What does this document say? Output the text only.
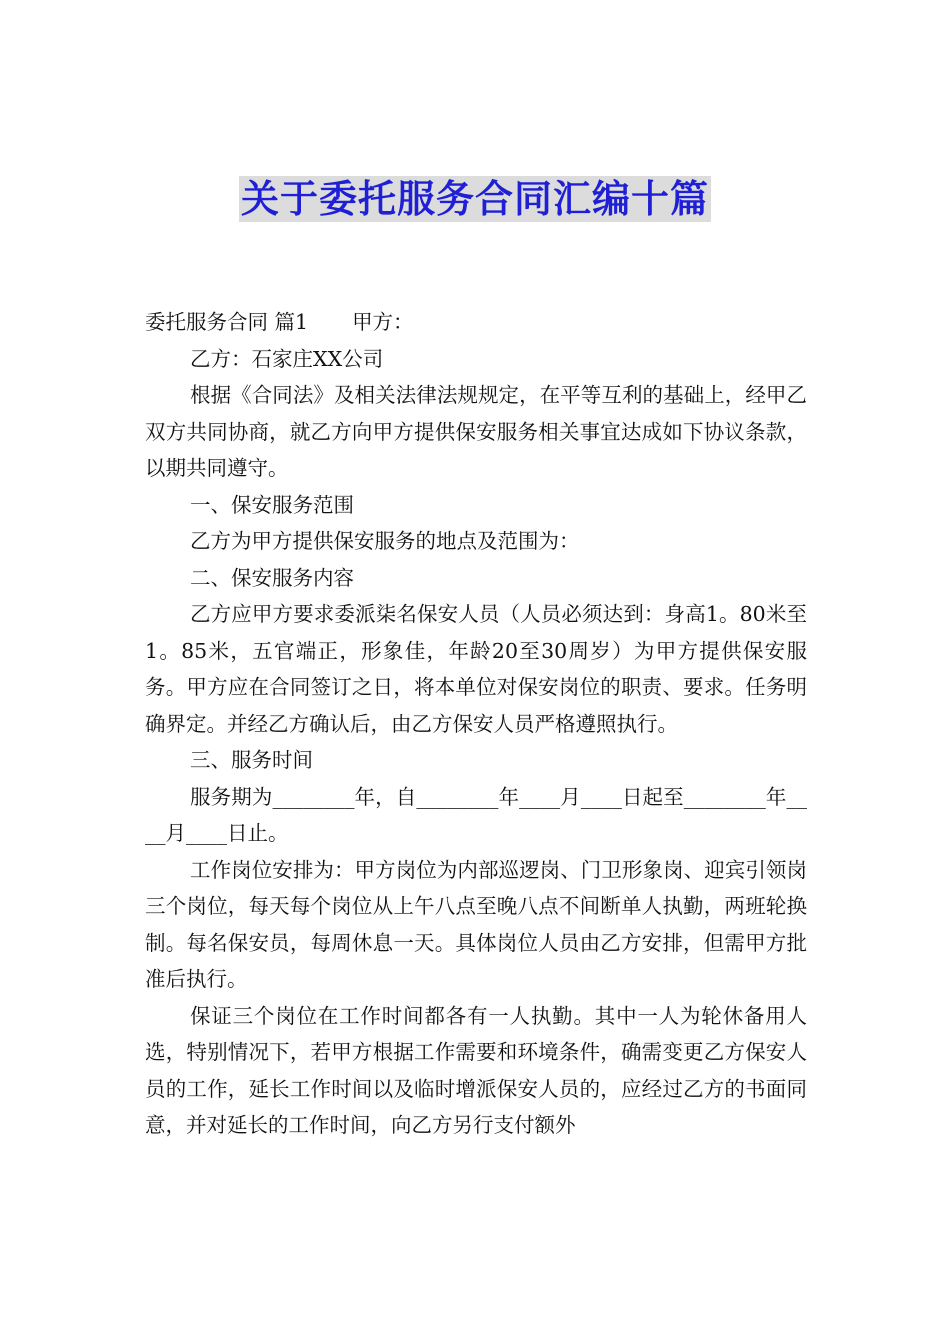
关于委托服务合同汇编十篇

委托服务合同 篇1 甲方：

乙方：石家庄XX公司

根据《合同法》及相关法律法规规定，在平等互利的基础上，经甲乙双方共同协商，就乙方向甲方提供保安服务相关事宜达成如下协议条款，以期共同遵守。

一、保安服务范围

乙方为甲方提供保安服务的地点及范围为：

二、保安服务内容

乙方应甲方要求委派柒名保安人员（人员必须达到：身高1。80米至1。85米，五官端正，形象佳，年龄20至30周岁）为甲方提供保安服务。甲方应在合同签订之日，将本单位对保安岗位的职责、要求。任务明确界定。并经乙方确认后，由乙方保安人员严格遵照执行。

三、服务时间

服务期为________年，自________年____月____日起至________年____月____日止。

工作岗位安排为：甲方岗位为内部巡逻岗、门卫形象岗、迎宾引领岗三个岗位，每天每个岗位从上午八点至晚八点不间断单人执勤，两班轮换制。每名保安员，每周休息一天。具体岗位人员由乙方安排，但需甲方批准后执行。

保证三个岗位在工作时间都各有一人执勤。其中一人为轮休备用人选，特别情况下，若甲方根据工作需要和环境条件，确需变更乙方保安人员的工作，延长工作时间以及临时增派保安人员的，应经过乙方的书面同意，并对延长的工作时间，向乙方另行支付额外
